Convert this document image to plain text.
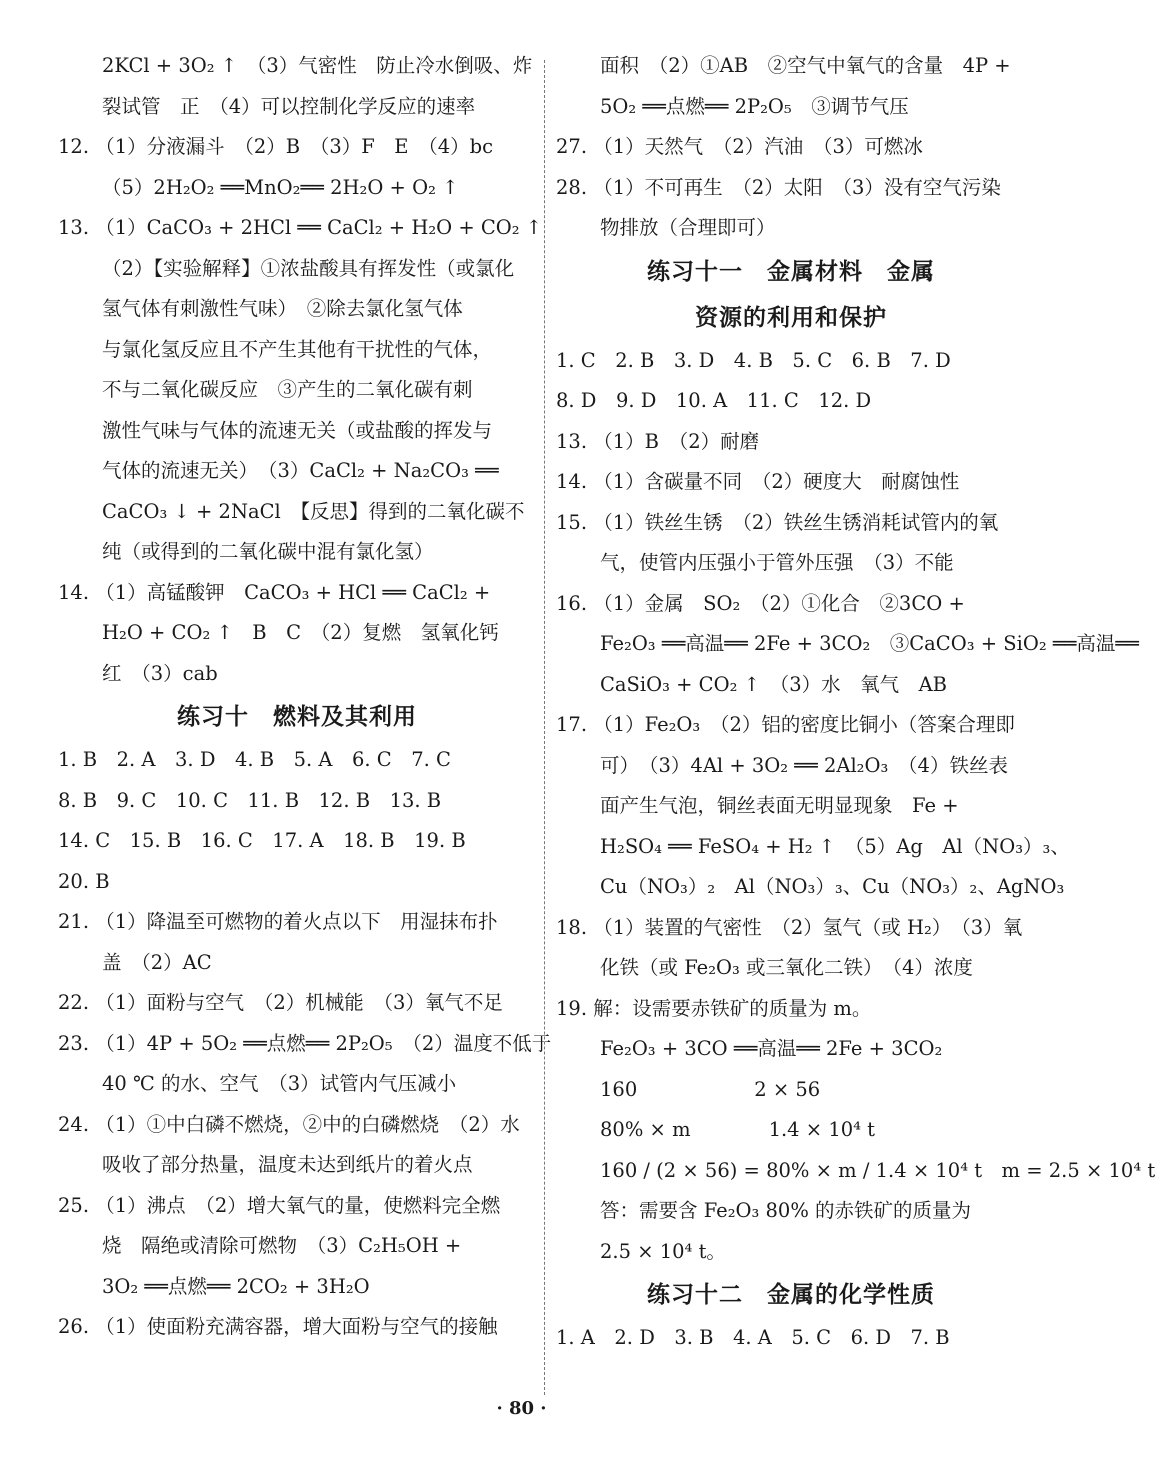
2KCl + 3O₂ ↑　（3）气密性　防止冷水倒吸、炸
裂试管　正　（4）可以控制化学反应的速率
12. （1）分液漏斗　（2）B　（3）F　E　（4）bc
（5）2H₂O₂ ══MnO₂══ 2H₂O + O₂ ↑
13. （1）CaCO₃ + 2HCl ══ CaCl₂ + H₂O + CO₂ ↑
（2）【实验解释】①浓盐酸具有挥发性（或氯化
氢气体有刺激性气味）　②除去氯化氢气体
与氯化氢反应且不产生其他有干扰性的气体，
不与二氧化碳反应　③产生的二氧化碳有刺
激性气味与气体的流速无关（或盐酸的挥发与
气体的流速无关）　（3）CaCl₂ + Na₂CO₃ ══
CaCO₃ ↓ + 2NaCl　【反思】得到的二氧化碳不
纯（或得到的二氧化碳中混有氯化氢）
14. （1）高锰酸钾　CaCO₃ + HCl ══ CaCl₂ +
H₂O + CO₂ ↑　B　C　（2）复燃　氢氧化钙
红　（3）cab
练习十　燃料及其利用
1. B　2. A　3. D　4. B　5. A　6. C　7. C
8. B　9. C　10. C　11. B　12. B　13. B
14. C　15. B　16. C　17. A　18. B　19. B
20. B
21. （1）降温至可燃物的着火点以下　用湿抹布扑
盖　（2）AC
22. （1）面粉与空气　（2）机械能　（3）氧气不足
23. （1）4P + 5O₂ ══点燃══ 2P₂O₅　（2）温度不低于
40 ℃ 的水、空气　（3）试管内气压减小
24. （1）①中白磷不燃烧，②中的白磷燃烧　（2）水
吸收了部分热量，温度未达到纸片的着火点
25. （1）沸点　（2）增大氧气的量，使燃料完全燃
烧　隔绝或清除可燃物　（3）C₂H₅OH +
3O₂ ══点燃══ 2CO₂ + 3H₂O
26. （1）使面粉充满容器，增大面粉与空气的接触
面积　（2）①AB　②空气中氧气的含量　4P +
5O₂ ══点燃══ 2P₂O₅　③调节气压
27. （1）天然气　（2）汽油　（3）可燃冰
28. （1）不可再生　（2）太阳　（3）没有空气污染
物排放（合理即可）
练习十一　金属材料　金属
资源的利用和保护
1. C　2. B　3. D　4. B　5. C　6. B　7. D
8. D　9. D　10. A　11. C　12. D
13. （1）B　（2）耐磨
14. （1）含碳量不同　（2）硬度大　耐腐蚀性
15. （1）铁丝生锈　（2）铁丝生锈消耗试管内的氧
气，使管内压强小于管外压强　（3）不能
16. （1）金属　SO₂　（2）①化合　②3CO +
Fe₂O₃ ══高温══ 2Fe + 3CO₂　③CaCO₃ + SiO₂ ══高温══
CaSiO₃ + CO₂ ↑　（3）水　氧气　AB
17. （1）Fe₂O₃　（2）铝的密度比铜小（答案合理即
可）　（3）4Al + 3O₂ ══ 2Al₂O₃　（4）铁丝表
面产生气泡，铜丝表面无明显现象　Fe +
H₂SO₄ ══ FeSO₄ + H₂ ↑　（5）Ag　Al（NO₃）₃、
Cu（NO₃）₂　Al（NO₃）₃、Cu（NO₃）₂、AgNO₃
18. （1）装置的气密性　（2）氢气（或 H₂）　（3）氧
化铁（或 Fe₂O₃ 或三氧化二铁）　（4）浓度
19. 解：设需要赤铁矿的质量为 m。
Fe₂O₃ + 3CO ══高温══ 2Fe + 3CO₂
160　　　　　　2 × 56
80% × m　　　　1.4 × 10⁴ t
160 / (2 × 56) = 80% × m / 1.4 × 10⁴ t　m = 2.5 × 10⁴ t
答：需要含 Fe₂O₃ 80% 的赤铁矿的质量为
2.5 × 10⁴ t。
练习十二　金属的化学性质
1. A　2. D　3. B　4. A　5. C　6. D　7. B
· 80 ·
